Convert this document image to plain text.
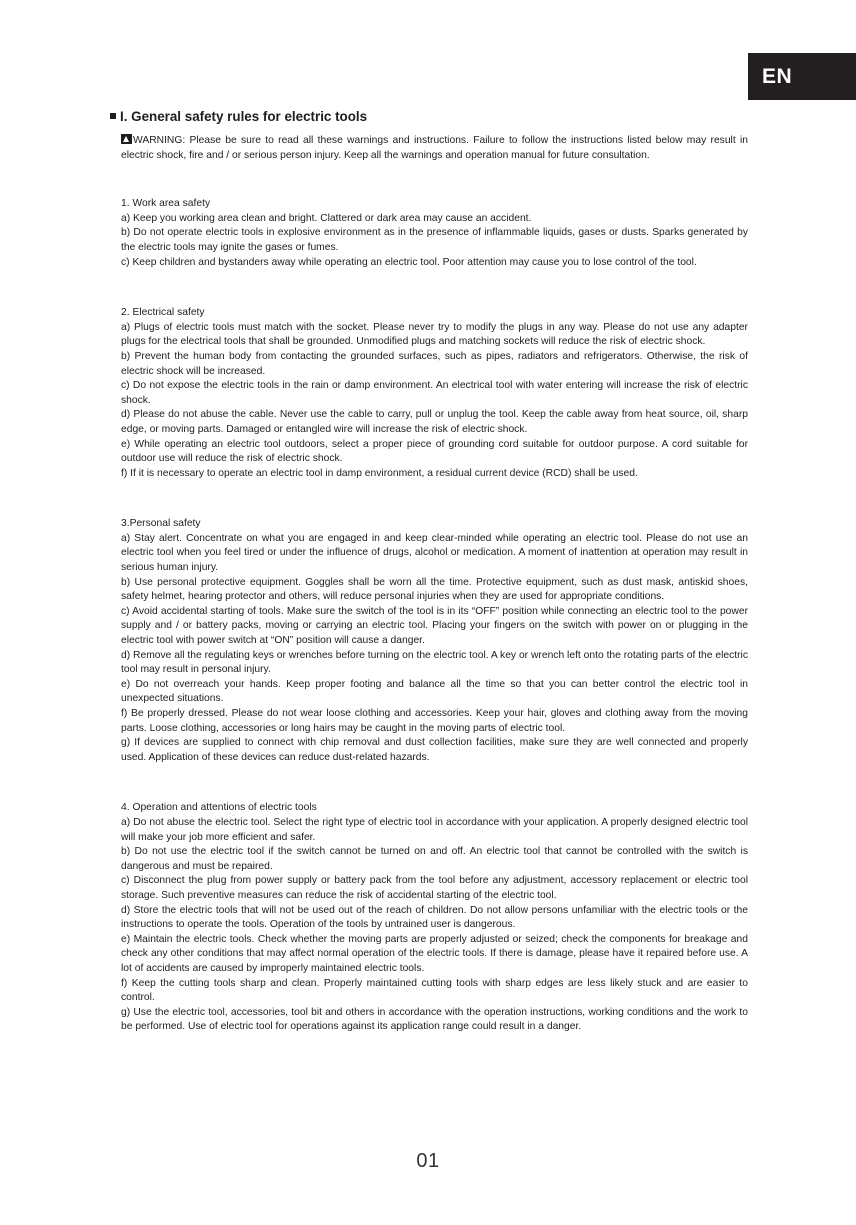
EN
I. General safety rules for electric tools

WARNING: Please be sure to read all these warnings and instructions. Failure to follow the instructions listed below may result in electric shock, fire and / or serious person injury. Keep all the warnings and operation manual for future consultation.

1. Work area safety

a) Keep you working area clean and bright. Clattered or dark area may cause an accident.

b) Do not operate electric tools in explosive environment as in the presence of inflammable liquids, gases or dusts. Sparks generated by the electric tools may ignite the gases or fumes.

c) Keep children and bystanders away while operating an electric tool. Poor attention may cause you to lose control of the tool.

2. Electrical safety

a) Plugs of electric tools must match with the socket. Please never try to modify the plugs in any way. Please do not use any adapter plugs for the electrical tools that shall be grounded. Unmodified plugs and matching sockets will reduce the risk of electric shock.

b) Prevent the human body from contacting the grounded surfaces, such as pipes, radiators and refrigerators. Otherwise, the risk of electric shock will be increased.

c) Do not expose the electric tools in the rain or damp environment. An electrical tool with water entering will increase the risk of electric shock.

d) Please do not abuse the cable. Never use the cable to carry, pull or unplug the tool. Keep the cable away from heat source, oil, sharp edge, or moving parts. Damaged or entangled wire will increase the risk of electric shock.

e) While operating an electric tool outdoors, select a proper piece of grounding cord suitable for outdoor purpose. A cord suitable for outdoor use will reduce the risk of electric shock.

f) If it is necessary to operate an electric tool in damp environment, a residual current device (RCD) shall be used.

3.Personal safety

a) Stay alert. Concentrate on what you are engaged in and keep clear-minded while operating an electric tool. Please do not use an electric tool when you feel tired or under the influence of drugs, alcohol or medication. A moment of inattention at operation may result in serious human injury.

b) Use personal protective equipment. Goggles shall be worn all the time. Protective equipment, such as dust mask, antiskid shoes, safety helmet, hearing protector and others, will reduce personal injuries when they are used for appropriate conditions.

c) Avoid accidental starting of tools. Make sure the switch of the tool is in its “OFF” position while connecting an electric tool to the power supply and / or battery packs, moving or carrying an electric tool. Placing your fingers on the switch with power on or plugging in the electric tool with power switch at “ON” position will cause a danger.

d) Remove all the regulating keys or wrenches before turning on the electric tool. A key or wrench left onto the rotating parts of the electric tool may result in personal injury.

e) Do not overreach your hands. Keep proper footing and balance all the time so that you can better control the electric tool in unexpected situations.

f) Be properly dressed. Please do not wear loose clothing and accessories. Keep your hair, gloves and clothing away from the moving parts. Loose clothing, accessories or long hairs may be caught in the moving parts of electric tool.

g) If devices are supplied to connect with chip removal and dust collection facilities, make sure they are well connected and properly used. Application of these devices can reduce dust-related hazards.

4. Operation and attentions of electric tools

a) Do not abuse the electric tool. Select the right type of electric tool in accordance with your application. A properly designed electric tool will make your job more efficient and safer.

b) Do not use the electric tool if the switch cannot be turned on and off. An electric tool that cannot be controlled with the switch is dangerous and must be repaired.

c) Disconnect the plug from power supply or battery pack from the tool before any adjustment, accessory replacement or electric tool storage. Such preventive measures can reduce the risk of accidental starting of the electric tool.

d) Store the electric tools that will not be used out of the reach of children. Do not allow persons unfamiliar with the electric tools or the instructions to operate the tools. Operation of the tools by untrained user is dangerous.

e) Maintain the electric tools. Check whether the moving parts are properly adjusted or seized; check the components for breakage and check any other conditions that may affect normal operation of the electric tools. If there is damage, please have it repaired before use. A lot of accidents are caused by improperly maintained electric tools.

f) Keep the cutting tools sharp and clean. Properly maintained cutting tools with sharp edges are less likely stuck and are easier to control.

g) Use the electric tool, accessories, tool bit and others in accordance with the operation instructions, working conditions and the work to be performed. Use of electric tool for operations against its application range could result in a danger.

01
